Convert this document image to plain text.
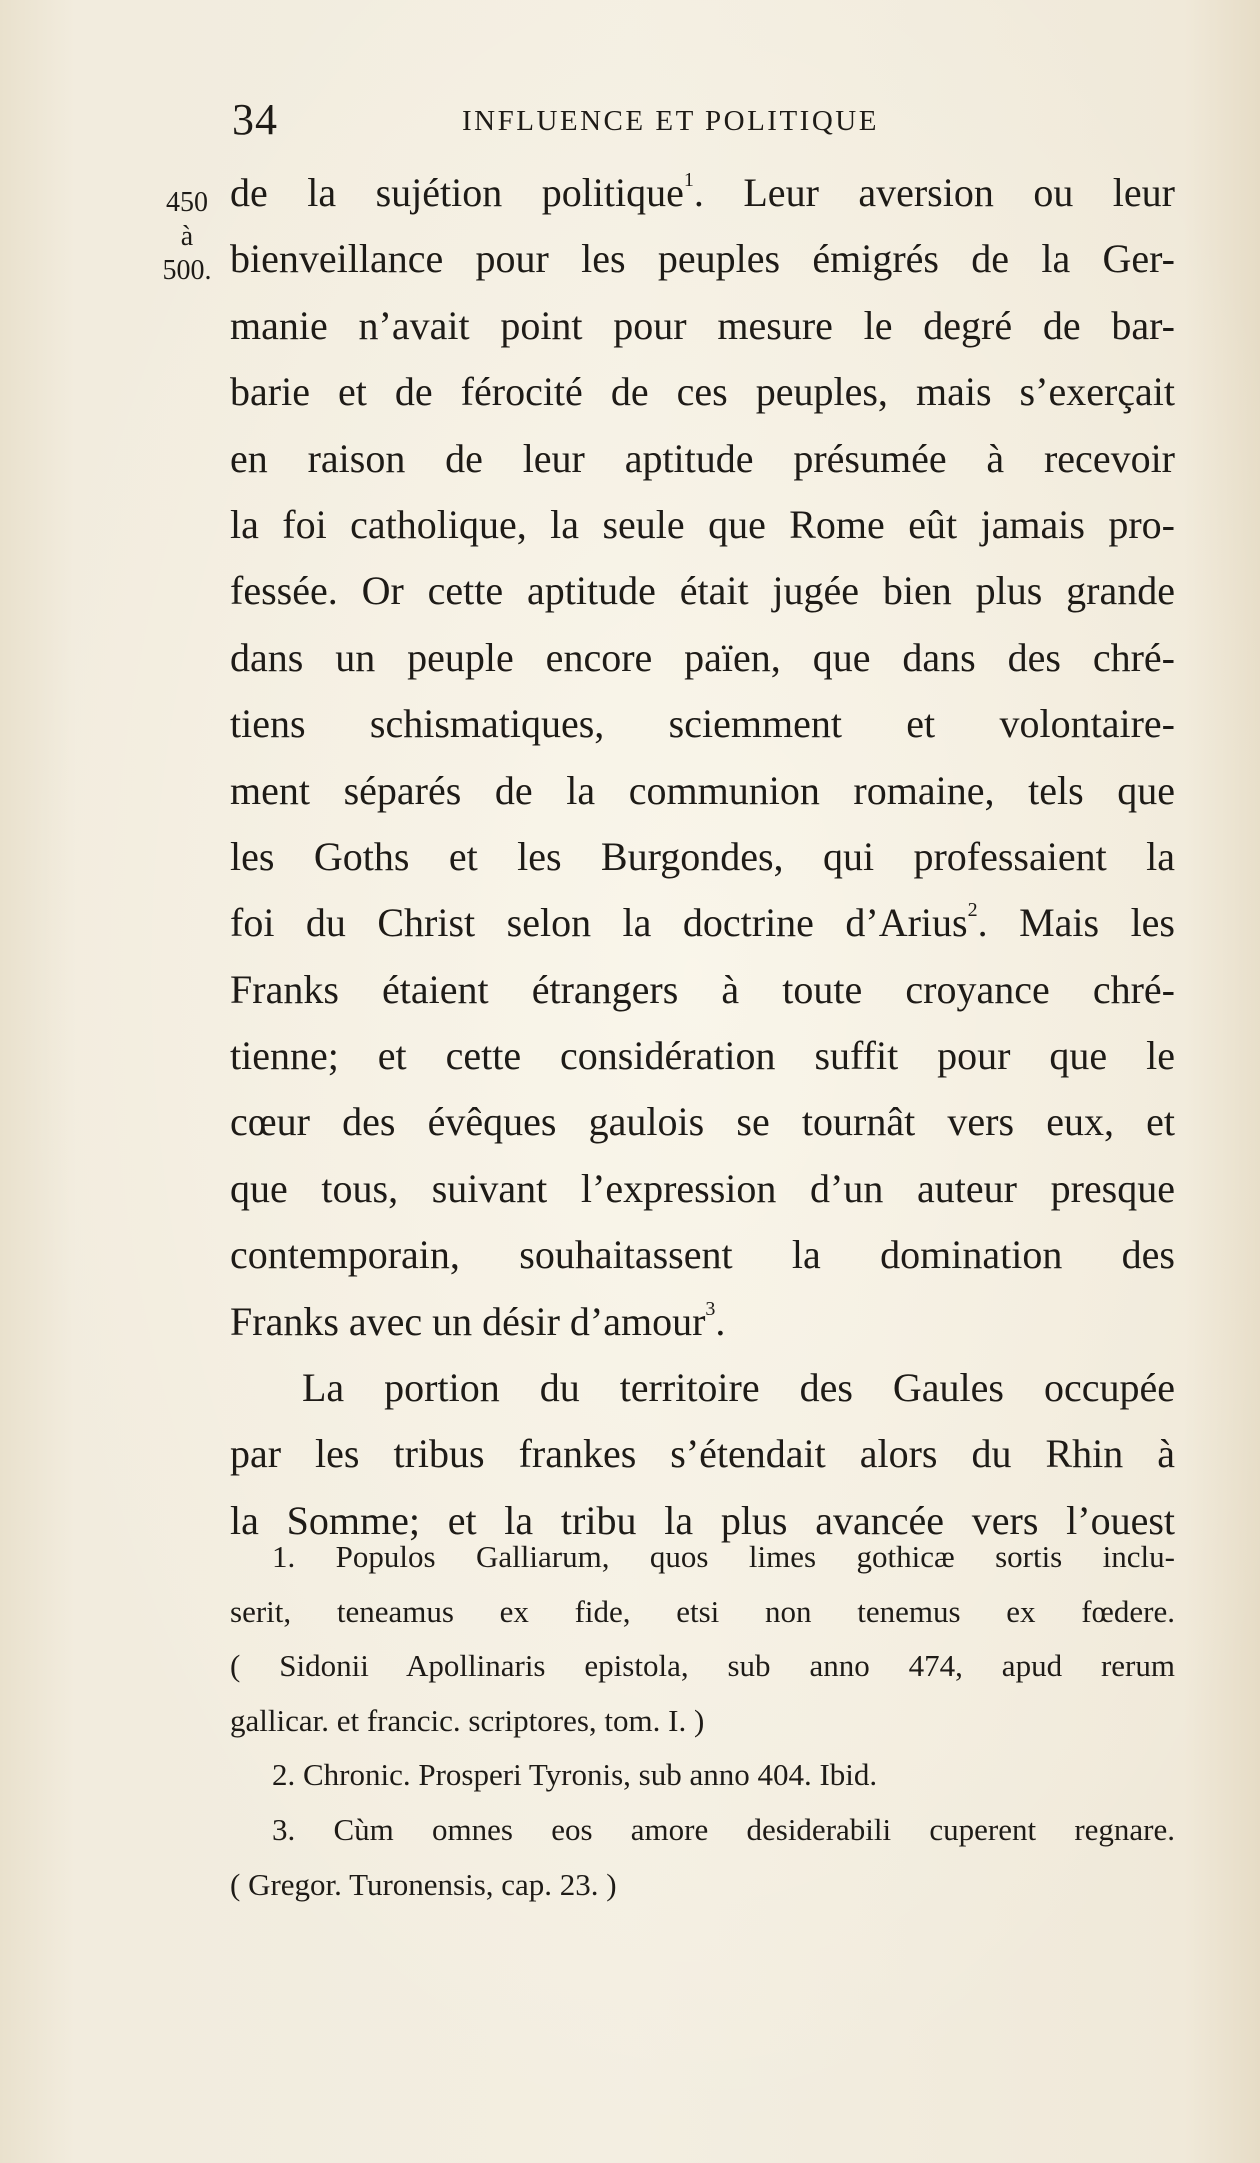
34	INFLUENCE ET POLITIQUE
450
à
500.
de la sujétion politique$^1$. Leur aversion ou leur
bienveillance pour les peuples émigrés de la Ger-
manie n’avait point pour mesure le degré de bar-
barie et de férocité de ces peuples, mais s’exerçait
en raison de leur aptitude présumée à recevoir
la foi catholique, la seule que Rome eût jamais pro-
fessée. Or cette aptitude était jugée bien plus grande
dans un peuple encore païen, que dans des chré-
tiens schismatiques, sciemment et volontaire-
ment séparés de la communion romaine, tels que
les Goths et les Burgondes, qui professaient la
foi du Christ selon la doctrine d’Arius$^2$. Mais les
Franks étaient étrangers à toute croyance chré-
tienne; et cette considération suffit pour que le
cœur des évêques gaulois se tournât vers eux, et
que tous, suivant l’expression d’un auteur presque
contemporain, souhaitassent la domination des
Franks avec un désir d’amour$^3$.
La portion du territoire des Gaules occupée
par les tribus frankes s’étendait alors du Rhin à
la Somme; et la tribu la plus avancée vers l’ouest
1. Populos Galliarum, quos limes gothicæ sortis inclu-
serit, teneamus ex fide, etsi non tenemus ex fœdere.
( Sidonii Apollinaris epistola, sub anno 474, apud rerum
gallicar. et francic. scriptores, tom. I. )
2. Chronic. Prosperi Tyronis, sub anno 404. Ibid.
3. Cùm omnes eos amore desiderabili cuperent regnare.
( Gregor. Turonensis, cap. 23. )
